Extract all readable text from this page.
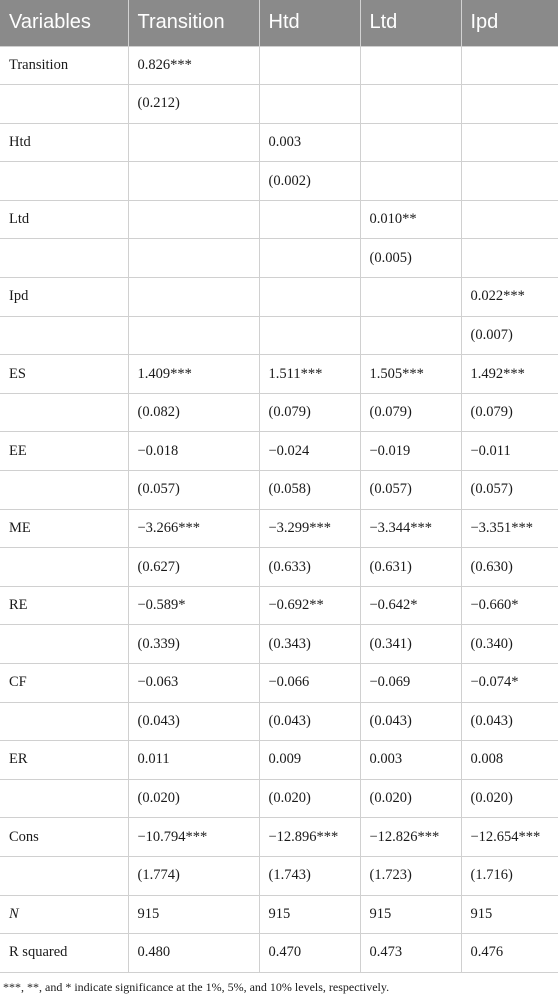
Variables	Transition	Htd	Ltd	Ipd
Transition	0.826***			
	(0.212)			
Htd		0.003		
		(0.002)		
Ltd			0.010**	
			(0.005)	
Ipd				0.022***
				(0.007)
ES	1.409***	1.511***	1.505***	1.492***
	(0.082)	(0.079)	(0.079)	(0.079)
EE	−0.018	−0.024	−0.019	−0.011
	(0.057)	(0.058)	(0.057)	(0.057)
ME	−3.266***	−3.299***	−3.344***	−3.351***
	(0.627)	(0.633)	(0.631)	(0.630)
RE	−0.589*	−0.692**	−0.642*	−0.660*
	(0.339)	(0.343)	(0.341)	(0.340)
CF	−0.063	−0.066	−0.069	−0.074*
	(0.043)	(0.043)	(0.043)	(0.043)
ER	0.011	0.009	0.003	0.008
	(0.020)	(0.020)	(0.020)	(0.020)
Cons	−10.794***	−12.896***	−12.826***	−12.654***
	(1.774)	(1.743)	(1.723)	(1.716)
N	915	915	915	915
R squared	0.480	0.470	0.473	0.476
***, **, and * indicate significance at the 1%, 5%, and 10% levels, respectively.
